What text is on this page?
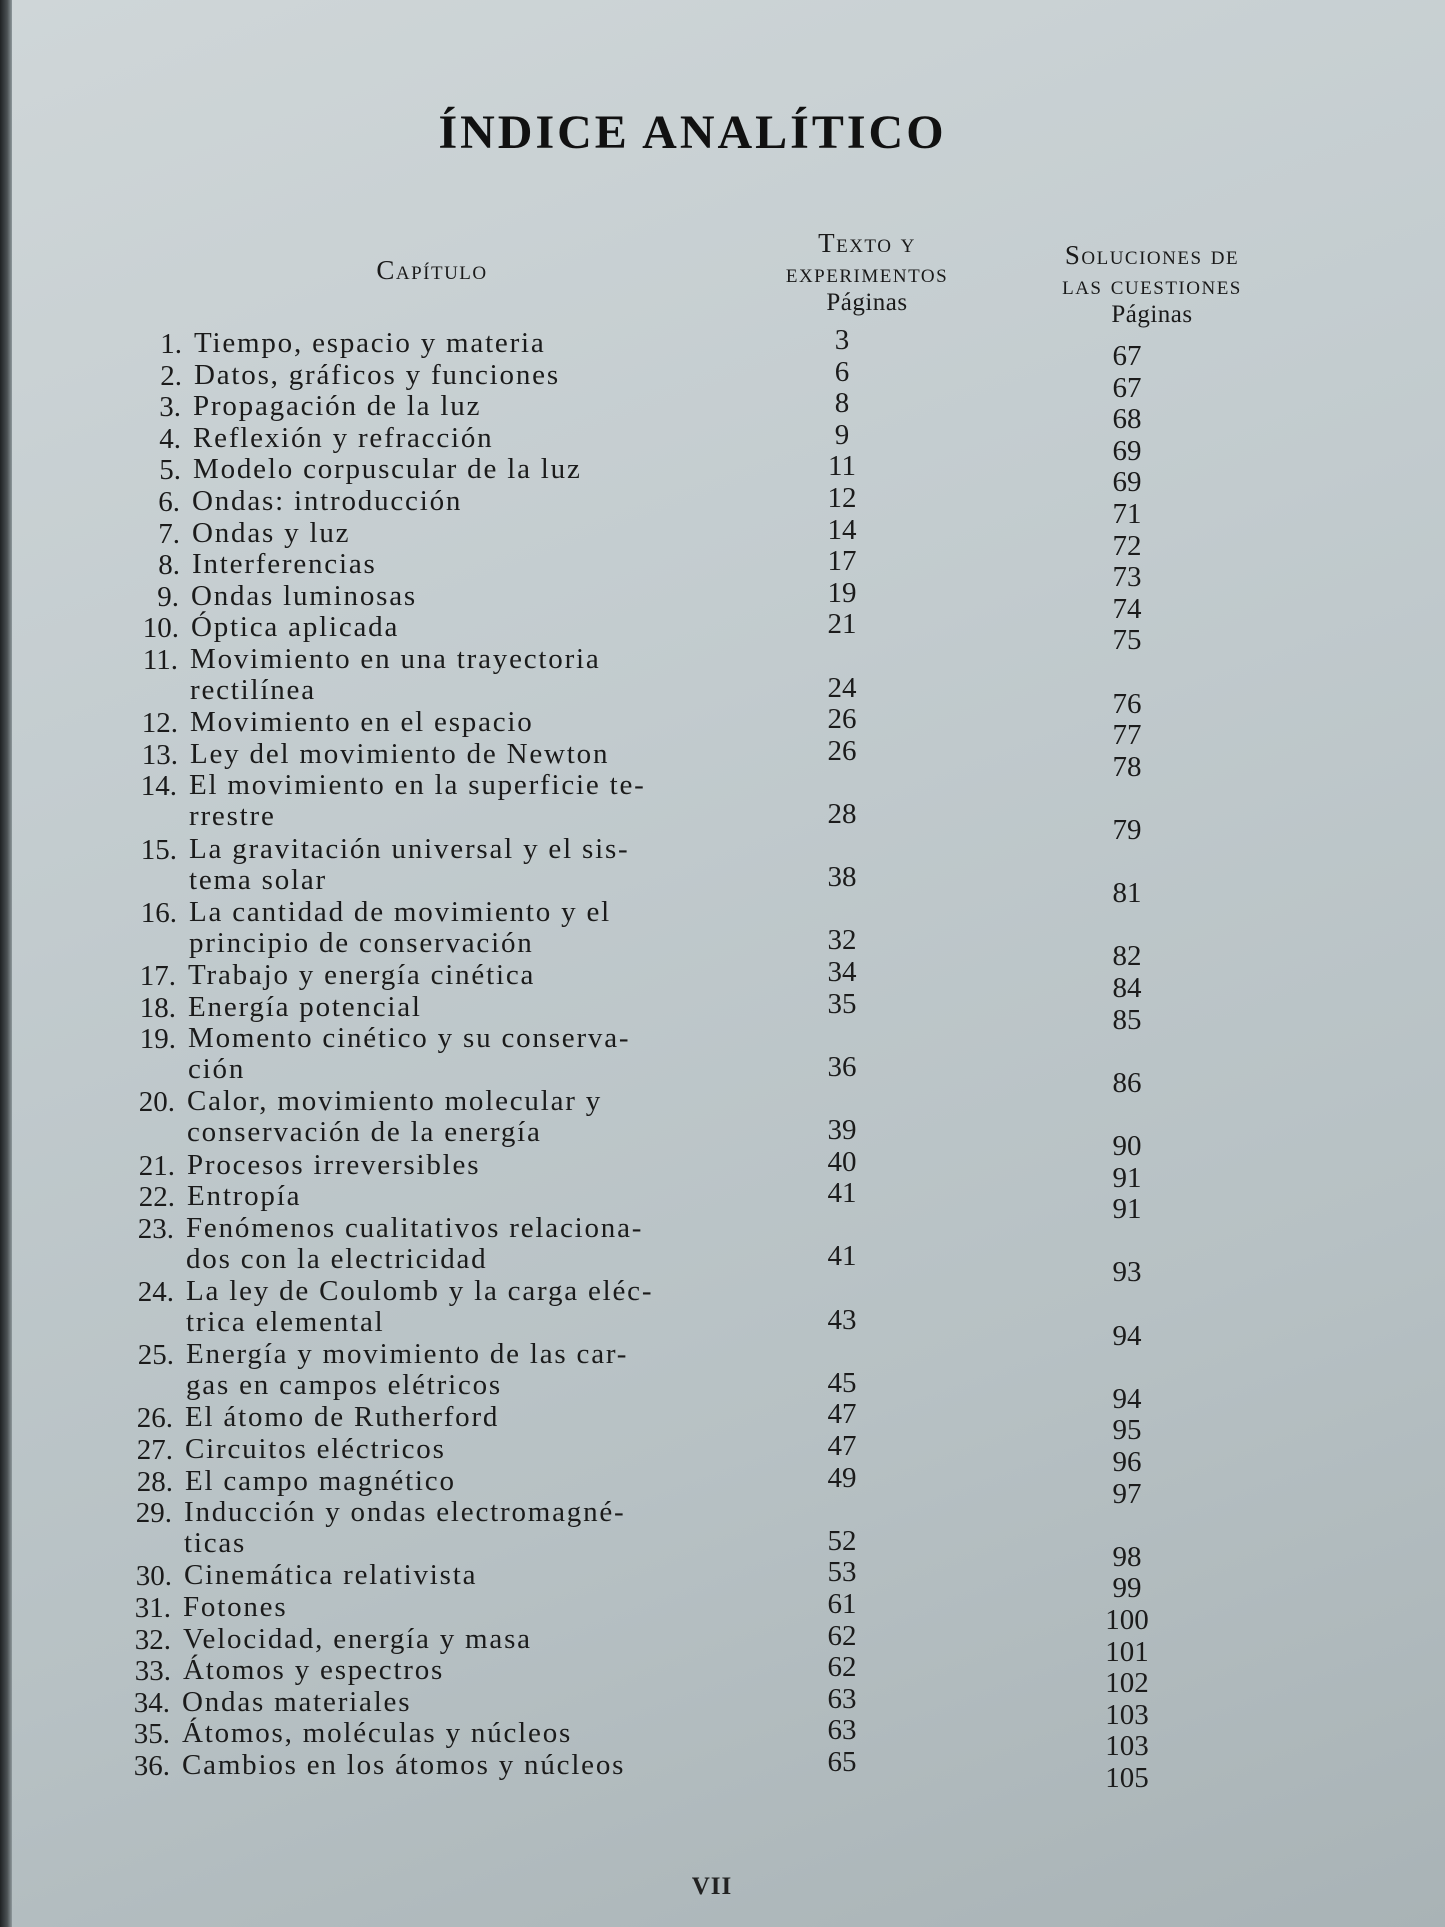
ÍNDICE ANALÍTICO
Capítulo
Texto y
experimentos
Páginas
Soluciones de
las cuestiones
Páginas
1. Tiempo, espacio y materia	3	67
2. Datos, gráficos y funciones	6	67
3. Propagación de la luz	8	68
4. Reflexión y refracción	9	69
5. Modelo corpuscular de la luz	11	69
6. Ondas: introducción	12	71
7. Ondas y luz	14	72
8. Interferencias	17	73
9. Ondas luminosas	19	74
10. Óptica aplicada	21	75
11. Movimiento en una trayectoria
rectilínea	24	76
12. Movimiento en el espacio	26	77
13. Ley del movimiento de Newton	26	78
14. El movimiento en la superficie te-
rrestre	28	79
15. La gravitación universal y el sis-
tema solar	38	81
16. La cantidad de movimiento y el
principio de conservación	32	82
17. Trabajo y energía cinética	34	84
18. Energía potencial	35	85
19. Momento cinético y su conserva-
ción	36	86
20. Calor, movimiento molecular y
conservación de la energía	39	90
21. Procesos irreversibles	40	91
22. Entropía	41	91
23. Fenómenos cualitativos relaciona-
dos con la electricidad	41	93
24. La ley de Coulomb y la carga eléc-
trica elemental	43	94
25. Energía y movimiento de las car-
gas en campos elétricos	45	94
26. El átomo de Rutherford	47	95
27. Circuitos eléctricos	47	96
28. El campo magnético	49	97
29. Inducción y ondas electromagné-
ticas	52	98
30. Cinemática relativista	53	99
31. Fotones	61	100
32. Velocidad, energía y masa	62	101
33. Átomos y espectros	62	102
34. Ondas materiales	63	103
35. Átomos, moléculas y núcleos	63	103
36. Cambios en los átomos y núcleos	65	105
VII
